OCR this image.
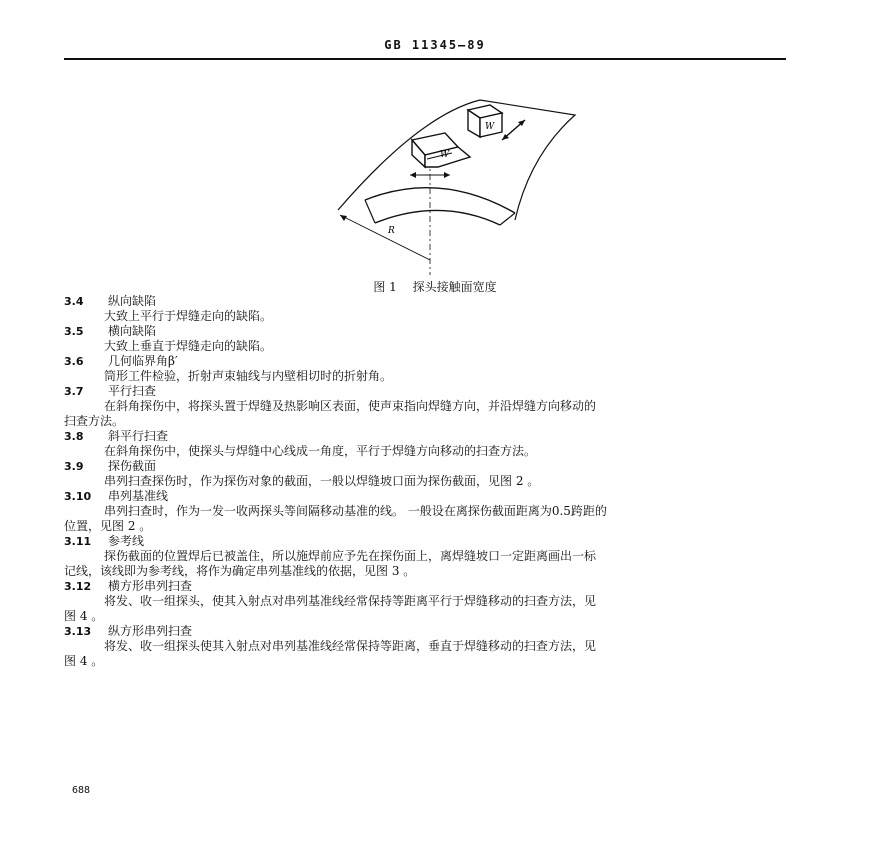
GB 11345—89
W
W
R
图 1 探头接触面宽度
3.4	纵向缺陷
大致上平行于焊缝走向的缺陷。
3.5	横向缺陷
大致上垂直于焊缝走向的缺陷。
3.6	几何临界角β′
筒形工件检验，折射声束轴线与内壁相切时的折射角。
3.7	平行扫查
在斜角探伤中，将探头置于焊缝及热影响区表面，使声束指向焊缝方向，并沿焊缝方向移动的
扫查方法。
3.8	斜平行扫查
在斜角探伤中，使探头与焊缝中心线成一角度，平行于焊缝方向移动的扫查方法。
3.9	探伤截面
串列扫查探伤时，作为探伤对象的截面，一般以焊缝坡口面为探伤截面，见图 2 。
3.10	串列基准线
串列扫查时，作为一发一收两探头等间隔移动基准的线。 一般设在离探伤截面距离为0.5跨距的
位置，见图 2 。
3.11	参考线
探伤截面的位置焊后已被盖住，所以施焊前应予先在探伤面上，离焊缝坡口一定距离画出一标
记线，该线即为参考线，将作为确定串列基准线的依据，见图 3 。
3.12	横方形串列扫查
将发、收一组探头，使其入射点对串列基准线经常保持等距离平行于焊缝移动的扫查方法，见
图 4 。
3.13	纵方形串列扫查
将发、收一组探头使其入射点对串列基准线经常保持等距离，垂直于焊缝移动的扫查方法，见
图 4 。
688
